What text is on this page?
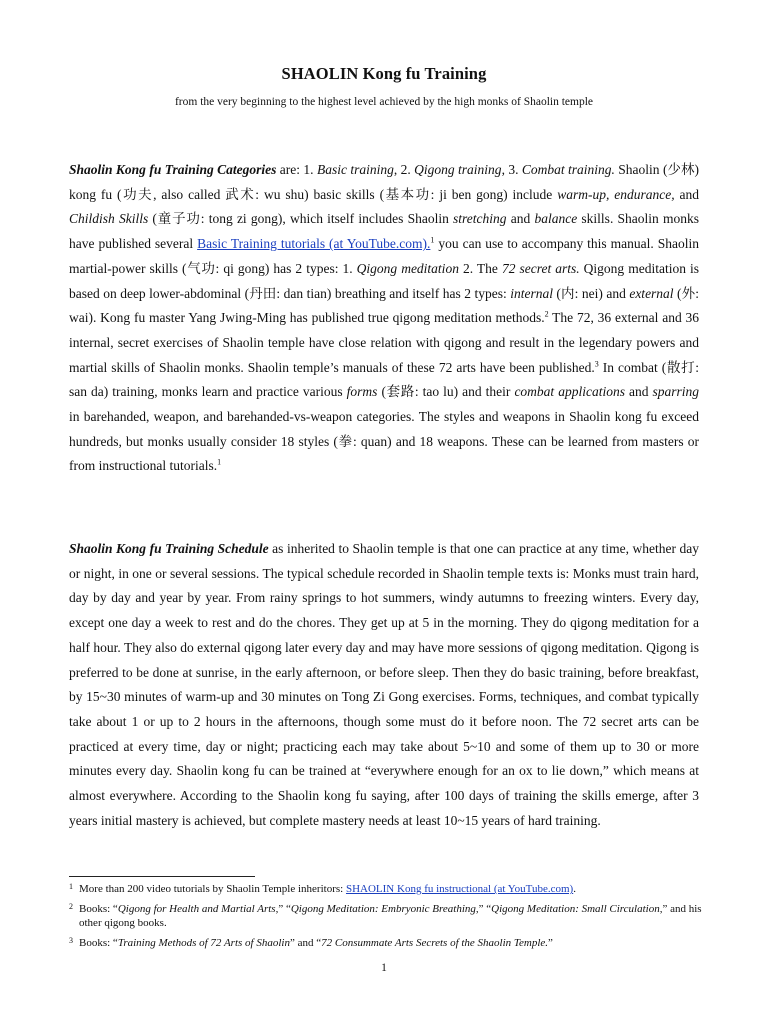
SHAOLIN Kong fu Training
from the very beginning to the highest level achieved by the high monks of Shaolin temple
Shaolin Kong fu Training Categories are: 1. Basic training, 2. Qigong training, 3. Combat training. Shaolin (少林) kong fu (功夫, also called 武术: wu shu) basic skills (基本功: ji ben gong) include warm-up, endurance, and Childish Skills (童子功: tong zi gong), which itself includes Shaolin stretching and balance skills. Shaolin monks have published several Basic Training tutorials (at YouTube.com).$^1$ you can use to accompany this manual. Shaolin martial-power skills (气功: qi gong) has 2 types: 1. Qigong meditation 2. The 72 secret arts. Qigong meditation is based on deep lower-abdominal (丹田: dan tian) breathing and itself has 2 types: internal (内: nei) and external (外: wai). Kong fu master Yang Jwing-Ming has published true qigong meditation methods.$^2$ The 72, 36 external and 36 internal, secret exercises of Shaolin temple have close relation with qigong and result in the legendary powers and martial skills of Shaolin monks. Shaolin temple’s manuals of these 72 arts have been published.$^3$ In combat (散打: san da) training, monks learn and practice various forms (套路: tao lu) and their combat applications and sparring in barehanded, weapon, and barehanded-vs-weapon categories. The styles and weapons in Shaolin kong fu exceed hundreds, but monks usually consider 18 styles (拳: quan) and 18 weapons. These can be learned from masters or from instructional tutorials.$^1$
Shaolin Kong fu Training Schedule as inherited to Shaolin temple is that one can practice at any time, whether day or night, in one or several sessions. The typical schedule recorded in Shaolin temple texts is: Monks must train hard, day by day and year by year. From rainy springs to hot summers, windy autumns to freezing winters. Every day, except one day a week to rest and do the chores. They get up at 5 in the morning. They do qigong meditation for a half hour. They also do external qigong later every day and may have more sessions of qigong meditation. Qigong is preferred to be done at sunrise, in the early afternoon, or before sleep. Then they do basic training, before breakfast, by 15~30 minutes of warm-up and 30 minutes on Tong Zi Gong exercises. Forms, techniques, and combat typically take about 1 or up to 2 hours in the afternoons, though some must do it before noon. The 72 secret arts can be practiced at every time, day or night; practicing each may take about 5~10 and some of them up to 30 or more minutes every day. Shaolin kong fu can be trained at “everywhere enough for an ox to lie down,” which means at almost everywhere. According to the Shaolin kong fu saying, after 100 days of training the skills emerge, after 3 years initial mastery is achieved, but complete mastery needs at least 10~15 years of hard training.
1 More than 200 video tutorials by Shaolin Temple inheritors: SHAOLIN Kong fu instructional (at YouTube.com).
2 Books: “Qigong for Health and Martial Arts,” “Qigong Meditation: Embryonic Breathing,” “Qigong Meditation: Small Circulation,” and his other qigong books.
3 Books: “Training Methods of 72 Arts of Shaolin” and “72 Consummate Arts Secrets of the Shaolin Temple.”
1
